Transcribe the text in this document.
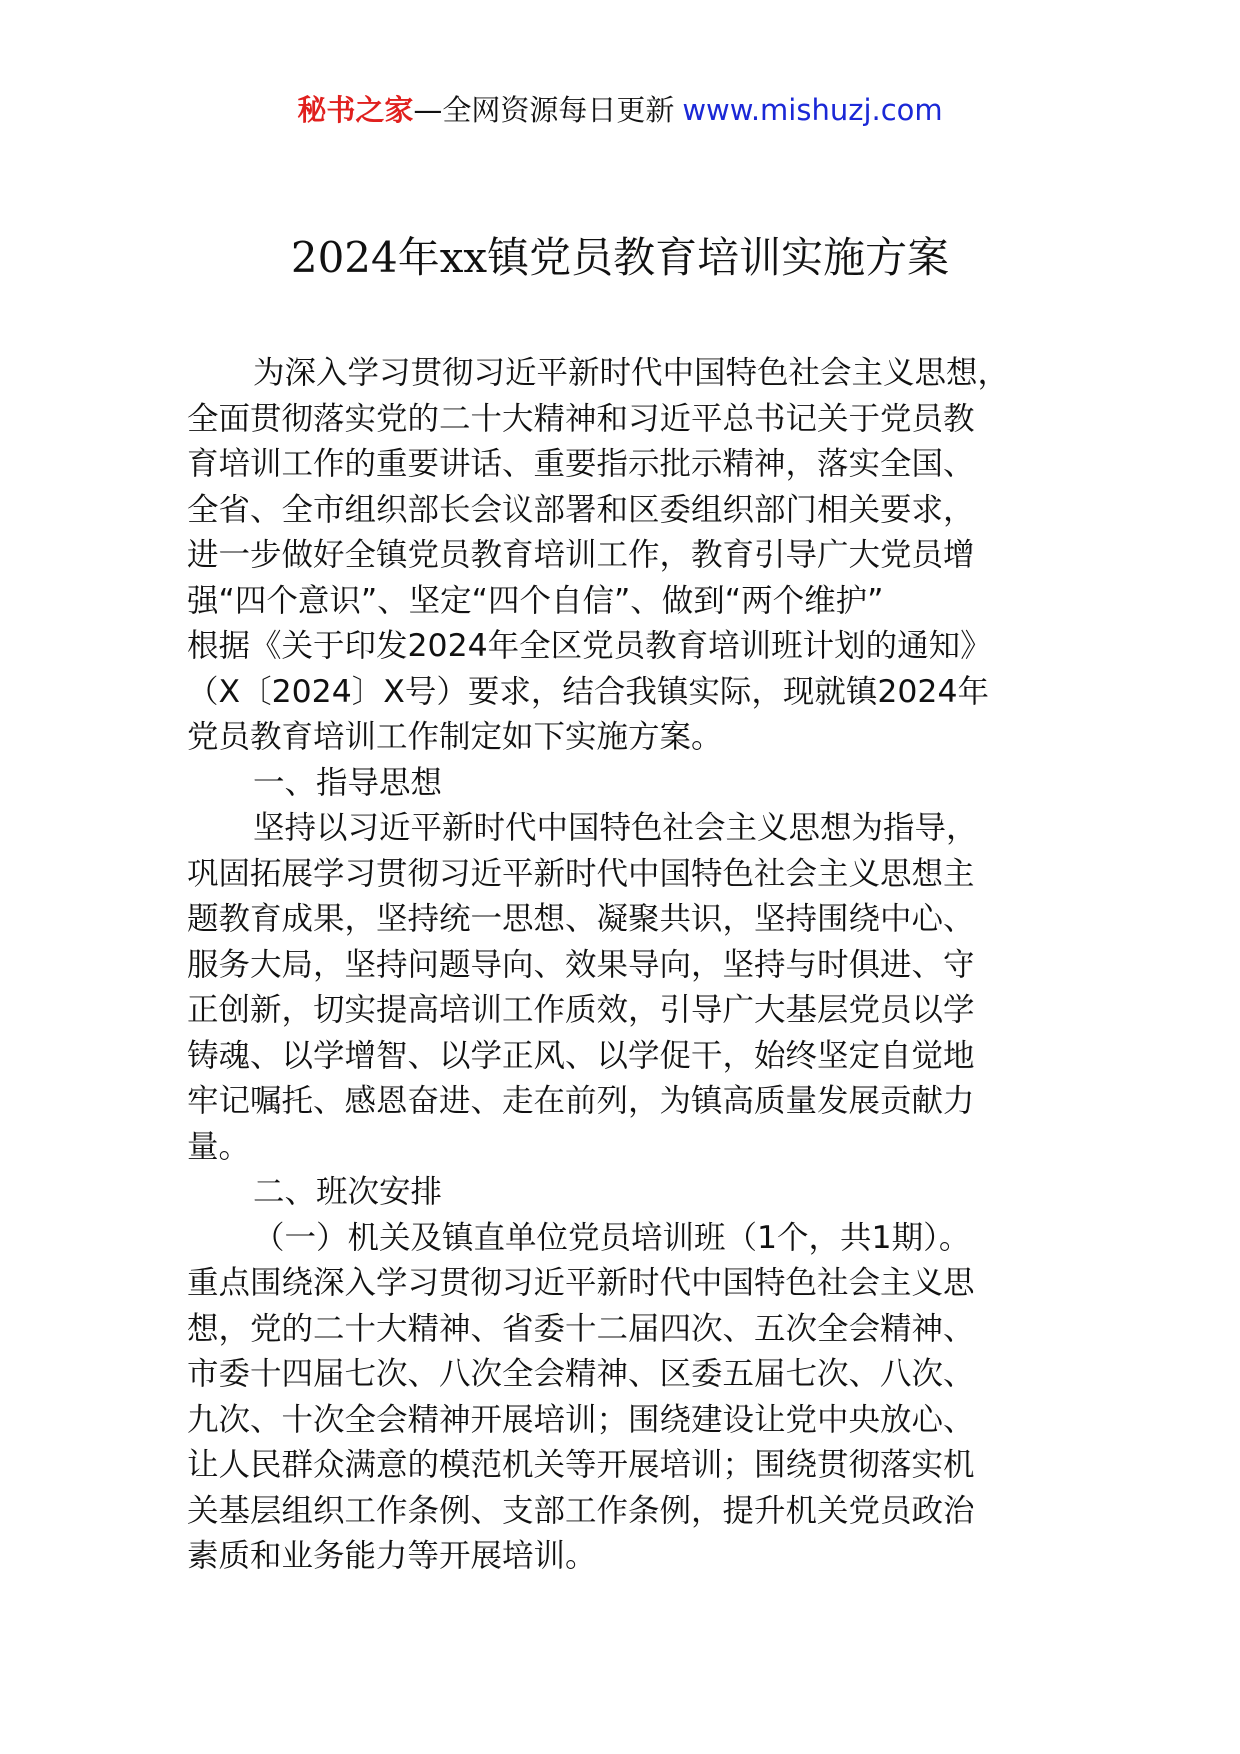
秘书之家—全网资源每日更新 www.mishuzj.com
2024年xx镇党员教育培训实施方案
为深入学习贯彻习近平新时代中国特色社会主义思想，
全面贯彻落实党的二十大精神和习近平总书记关于党员教
育培训工作的重要讲话、重要指示批示精神，落实全国、
全省、全市组织部长会议部署和区委组织部门相关要求，
进一步做好全镇党员教育培训工作，教育引导广大党员增
强“四个意识”、坚定“四个自信”、做到“两个维护”
根据《关于印发2024年全区党员教育培训班计划的通知》
（X〔2024〕X号）要求，结合我镇实际，现就镇2024年
党员教育培训工作制定如下实施方案。
一、指导思想
坚持以习近平新时代中国特色社会主义思想为指导，
巩固拓展学习贯彻习近平新时代中国特色社会主义思想主
题教育成果，坚持统一思想、凝聚共识，坚持围绕中心、
服务大局，坚持问题导向、效果导向，坚持与时俱进、守
正创新，切实提高培训工作质效，引导广大基层党员以学
铸魂、以学增智、以学正风、以学促干，始终坚定自觉地
牢记嘱托、感恩奋进、走在前列，为镇高质量发展贡献力
量。
二、班次安排
（一）机关及镇直单位党员培训班（1个，共1期）。
重点围绕深入学习贯彻习近平新时代中国特色社会主义思
想，党的二十大精神、省委十二届四次、五次全会精神、
市委十四届七次、八次全会精神、区委五届七次、八次、
九次、十次全会精神开展培训；围绕建设让党中央放心、
让人民群众满意的模范机关等开展培训；围绕贯彻落实机
关基层组织工作条例、支部工作条例，提升机关党员政治
素质和业务能力等开展培训。
